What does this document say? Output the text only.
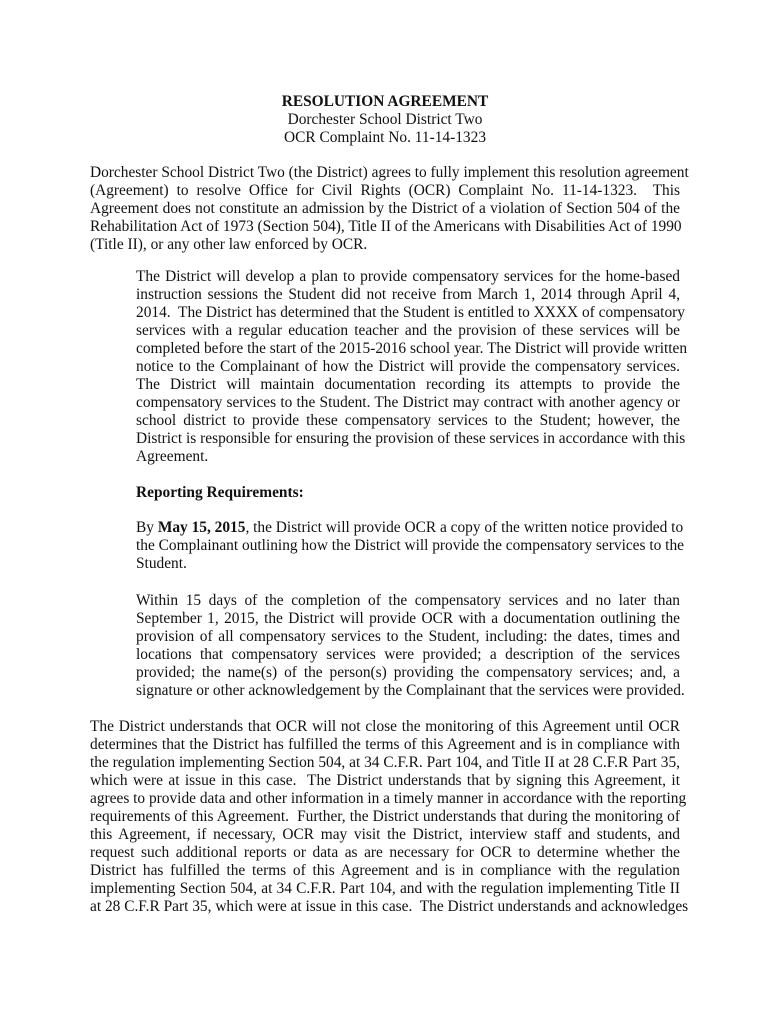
RESOLUTION AGREEMENT
Dorchester School District Two
OCR Complaint No. 11-14-1323
Dorchester School District Two (the District) agrees to fully implement this resolution agreement
(Agreement) to resolve Office for Civil Rights (OCR) Complaint No. 11-14-1323.  This
Agreement does not constitute an admission by the District of a violation of Section 504 of the
Rehabilitation Act of 1973 (Section 504), Title II of the Americans with Disabilities Act of 1990
(Title II), or any other law enforced by OCR.
The District will develop a plan to provide compensatory services for the home-based
instruction sessions the Student did not receive from March 1, 2014 through April 4,
2014.  The District has determined that the Student is entitled to XXXX of compensatory
services with a regular education teacher and the provision of these services will be
completed before the start of the 2015-2016 school year. The District will provide written
notice to the Complainant of how the District will provide the compensatory services.
The District will maintain documentation recording its attempts to provide the
compensatory services to the Student. The District may contract with another agency or
school district to provide these compensatory services to the Student; however, the
District is responsible for ensuring the provision of these services in accordance with this
Agreement.
Reporting Requirements:
By May 15, 2015, the District will provide OCR a copy of the written notice provided to
the Complainant outlining how the District will provide the compensatory services to the
Student.
Within 15 days of the completion of the compensatory services and no later than
September 1, 2015, the District will provide OCR with a documentation outlining the
provision of all compensatory services to the Student, including: the dates, times and
locations that compensatory services were provided; a description of the services
provided; the name(s) of the person(s) providing the compensatory services; and, a
signature or other acknowledgement by the Complainant that the services were provided.
The District understands that OCR will not close the monitoring of this Agreement until OCR
determines that the District has fulfilled the terms of this Agreement and is in compliance with
the regulation implementing Section 504, at 34 C.F.R. Part 104, and Title II at 28 C.F.R Part 35,
which were at issue in this case.  The District understands that by signing this Agreement, it
agrees to provide data and other information in a timely manner in accordance with the reporting
requirements of this Agreement.  Further, the District understands that during the monitoring of
this Agreement, if necessary, OCR may visit the District, interview staff and students, and
request such additional reports or data as are necessary for OCR to determine whether the
District has fulfilled the terms of this Agreement and is in compliance with the regulation
implementing Section 504, at 34 C.F.R. Part 104, and with the regulation implementing Title II
at 28 C.F.R Part 35, which were at issue in this case.  The District understands and acknowledges
